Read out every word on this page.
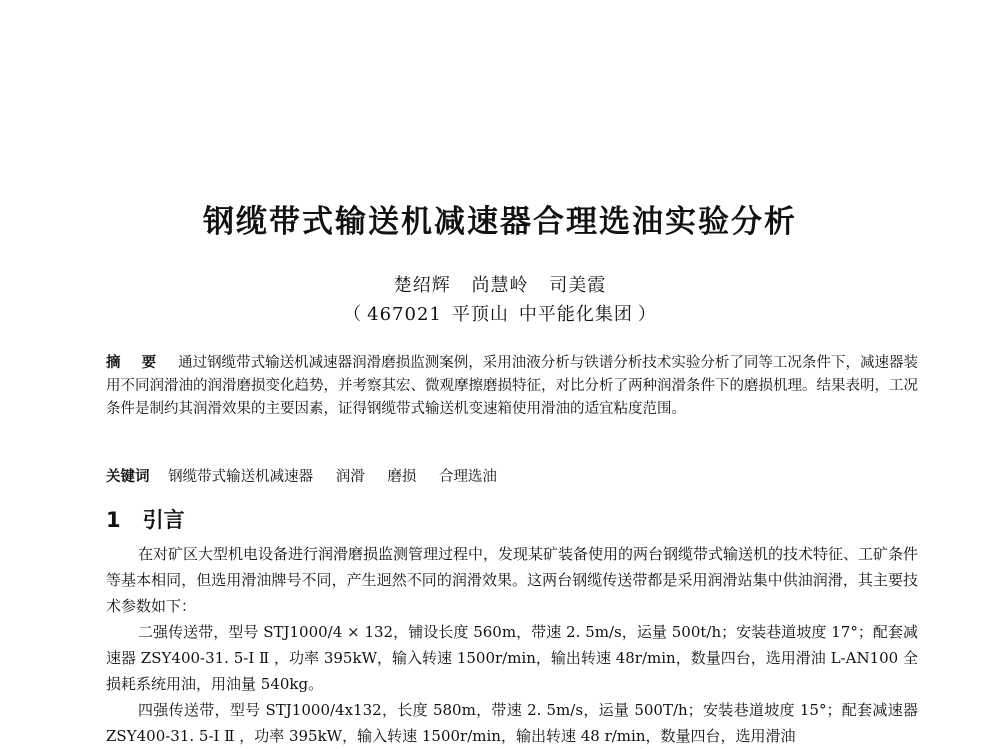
钢缆带式输送机减速器合理选油实验分析
楚绍辉 尚慧岭 司美霞
（ 467021 平顶山 中平能化集团 ）
摘 要 通过钢缆带式输送机减速器润滑磨损监测案例，采用油液分析与铁谱分析技术实验分析了同等工况条件下，减速器装用不同润滑油的润滑磨损变化趋势，并考察其宏、微观摩擦磨损特征，对比分析了两种润滑条件下的磨损机理。结果表明，工况条件是制约其润滑效果的主要因素，证得钢缆带式输送机变速箱使用滑油的适宜粘度范围。
关键词 钢缆带式输送机减速器 润滑 磨损 合理选油
1 引言

在对矿区大型机电设备进行润滑磨损监测管理过程中，发现某矿装备使用的两台钢缆带式输送机的技术特征、工矿条件等基本相同，但选用滑油牌号不同，产生迥然不同的润滑效果。这两台钢缆传送带都是采用润滑站集中供油润滑，其主要技术参数如下：

二强传送带，型号 STJ1000/4 × 132，铺设长度 560m，带速 2. 5m/s，运量 500t/h；安装巷道坡度 17°；配套减速器 ZSY400-31. 5-Ⅰ Ⅱ ，功率 395kW，输入转速 1500r/min，输出转速 48r/min，数量四台，选用滑油 L-AN100 全损耗系统用油，用油量 540kg。

四强传送带，型号 STJ1000/4x132，长度 580m，带速 2. 5m/s，运量 500T/h；安装巷道坡度 15°；配套减速器 ZSY400-31. 5-Ⅰ Ⅱ ，功率 395kW，输入转速 1500r/min，输出转速 48 r/min，数量四台，选用滑油
